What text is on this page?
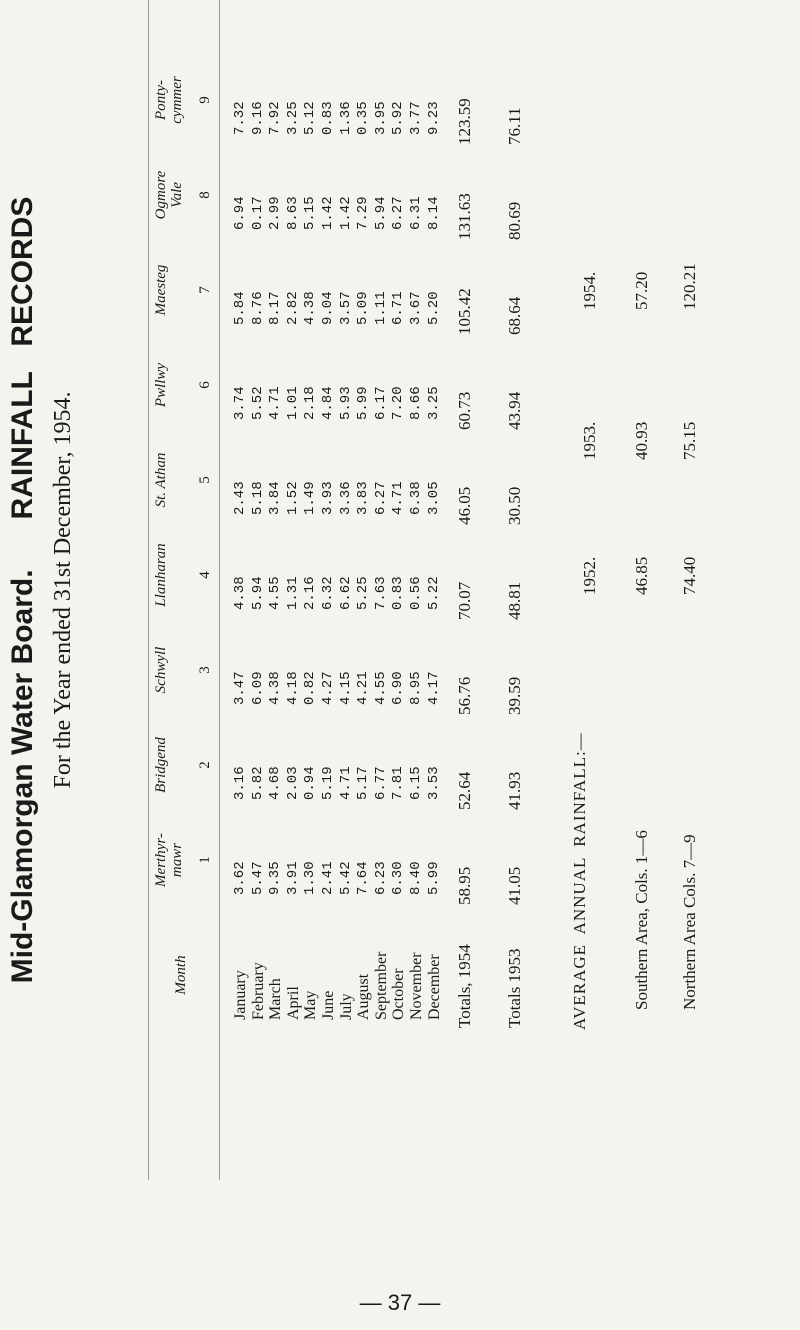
Mid-Glamorgan Water Board.      RAINFALL   RECORDS For the Year ended 31st December, 1954.
Month
Merthyr-
mawr 1
Bridgend 2
Schwyll 3
Llanharan 4
St. Athan 5
Pwllwy 6
Maesteg 7
Ogmore
Vale 8
Ponty-
cymmer 9
January February March April May June July August September October November December Totals, 1954 Totals 1953	AVERAGE  ANNUAL  RAINFALL:—	Southern Area, Cols. 1—6 Northern Area Cols. 7—9
3.62 5.47 9.35 3.91 1.30 2.41 5.42 7.64 6.23 6.30 8.40 5.99 58.95 41.05
3.16 5.82 4.68 2.03 0.94 5.19 4.71 5.17 6.77 7.81 6.15 3.53 52.64 41.93
3.47 6.09 4.38 4.18 0.82 4.27 4.15 4.21 4.55 6.90 8.95 4.17 56.76 39.59
4.38 5.94 4.55 1.31 2.16 6.32 6.62 5.25 7.63 0.83 0.56 5.22 70.07 48.81
2.43 5.18 3.84 1.52 1.49 3.93 3.36 3.83 6.27 4.71 6.38 3.05 46.05 30.50
3.74 5.52 4.71 1.01 2.18 4.84 5.93 5.99 6.17 7.20 8.66 3.25 60.73 43.94
5.84 8.76 8.17 2.82 4.38 9.04 3.57 5.09 1.11 6.71 3.67 5.20 105.42 68.64
6.94 0.17 2.99 8.63 5.15 1.42 1.42 7.29 5.94 6.27 6.31 8.14 131.63 80.69
7.32 9.16 7.92 3.25 5.12 0.83 1.36 0.35 3.95 5.92 3.77 9.23 123.59 76.11
1952.
1953.
1954.
46.85
40.93
57.20
74.40
75.15
120.21
— 37 —
